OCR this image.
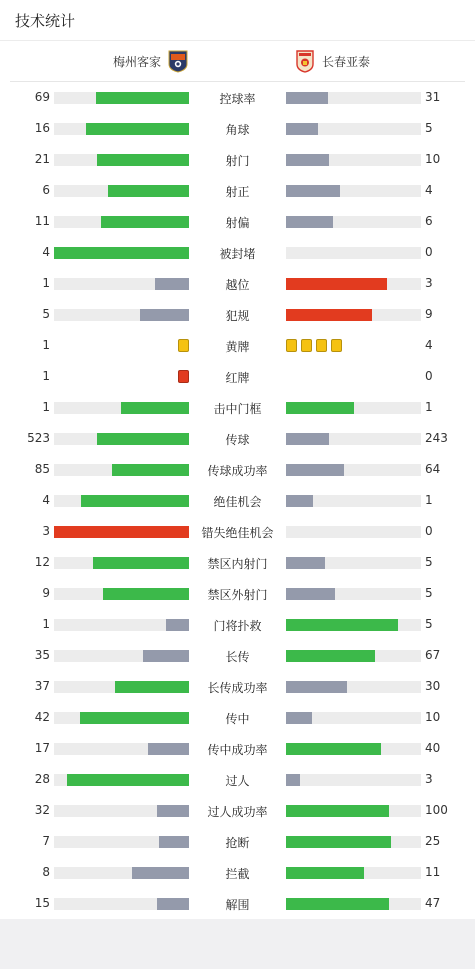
技术统计
梅州客家	长春亚泰
69	控球率	31
16	角球	5
21	射门	10
6	射正	4
11	射偏	6
4	被封堵	0
1	越位	3
5	犯规	9
1	黄牌	4
1	红牌	0
1	击中门框	1
523	传球	243
85	传球成功率	64
4	绝佳机会	1
3	错失绝佳机会	0
12	禁区内射门	5
9	禁区外射门	5
1	门将扑救	5
35	长传	67
37	长传成功率	30
42	传中	10
17	传中成功率	40
28	过人	3
32	过人成功率	100
7	抢断	25
8	拦截	11
15	解围	47
